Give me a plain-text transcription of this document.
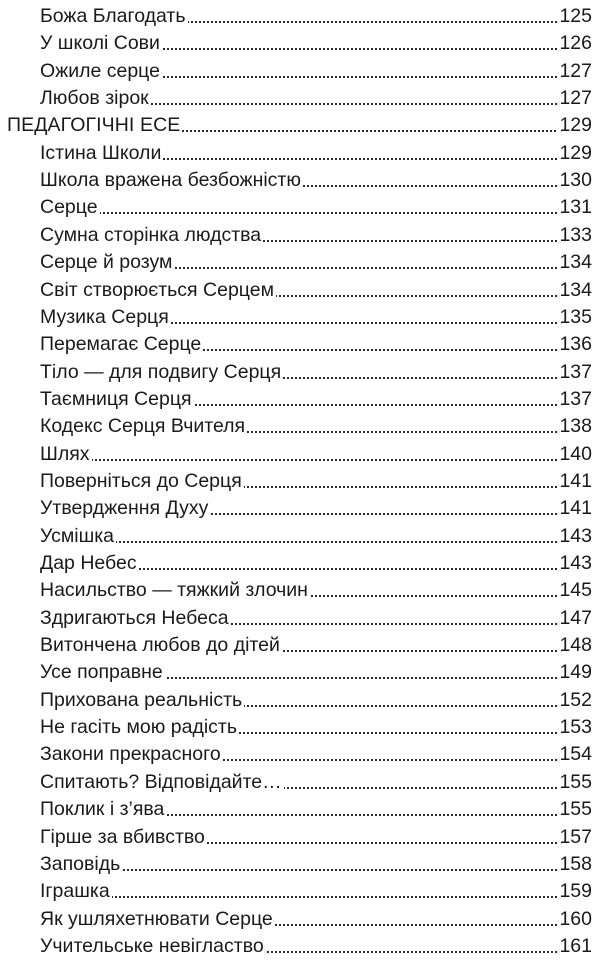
Божа Благодать	125
У школі Сови	126
Ожиле серце	127
Любов зірок	127
ПЕДАГОГІЧНІ ЕСЕ	129
Істина Школи	129
Школа вражена безбожністю	130
Серце	131
Сумна сторінка людства	133
Серце й розум	134
Світ створюється Серцем	134
Музика Серця	135
Перемагає Серце	136
Тіло — для подвигу Серця	137
Таємниця Серця	137
Кодекс Серця Вчителя	138
Шлях	140
Поверніться до Серця	141
Утвердження Духу	141
Усмішка	143
Дар Небес	143
Насильство — тяжкий злочин	145
Здригаються Небеса	147
Витончена любов до дітей	148
Усе поправне	149
Прихована реальність	152
Не гасіть мою радість	153
Закони прекрасного	154
Спитають? Відповідайте…	155
Поклик і з’ява	155
Гірше за вбивство	157
Заповідь	158
Іграшка	159
Як ушляхетнювати Серце	160
Учительське невігластво	161
